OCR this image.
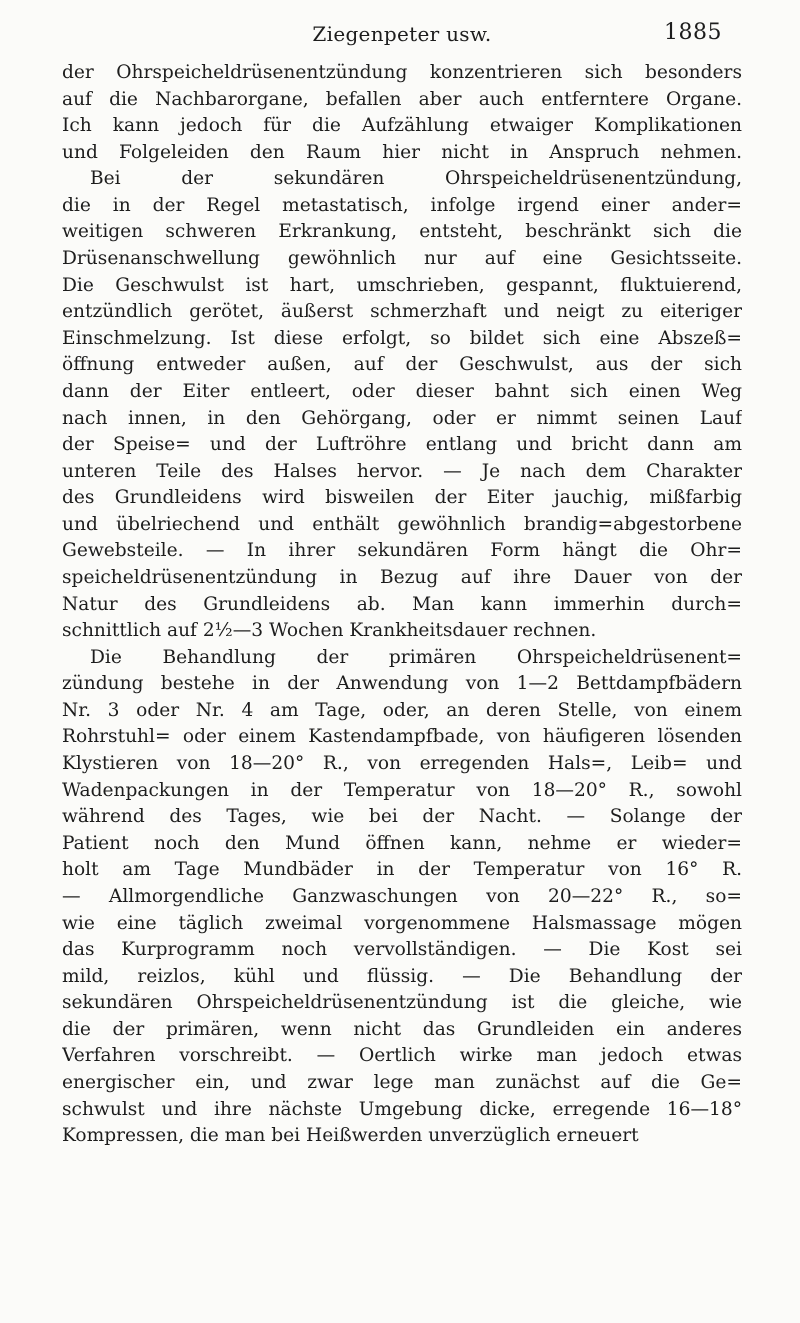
Ziegenpeter usw.	1885
der Ohrspeicheldrüsenentzündung konzentrieren sich besonders
auf die Nachbarorgane, befallen aber auch entferntere Organe.
Ich kann jedoch für die Aufzählung etwaiger Komplikationen
und Folgeleiden den Raum hier nicht in Anspruch nehmen.
Bei der sekundären Ohrspeicheldrüsenentzündung,
die in der Regel metastatisch, infolge irgend einer ander=
weitigen schweren Erkrankung, entsteht, beschränkt sich die
Drüsenanschwellung gewöhnlich nur auf eine Gesichtsseite.
Die Geschwulst ist hart, umschrieben, gespannt, fluktuierend,
entzündlich gerötet, äußerst schmerzhaft und neigt zu eiteriger
Einschmelzung. Ist diese erfolgt, so bildet sich eine Abszeß=
öffnung entweder außen, auf der Geschwulst, aus der sich
dann der Eiter entleert, oder dieser bahnt sich einen Weg
nach innen, in den Gehörgang, oder er nimmt seinen Lauf
der Speise= und der Luftröhre entlang und bricht dann am
unteren Teile des Halses hervor. — Je nach dem Charakter
des Grundleidens wird bisweilen der Eiter jauchig, mißfarbig
und übelriechend und enthält gewöhnlich brandig=abgestorbene
Gewebsteile. — In ihrer sekundären Form hängt die Ohr=
speicheldrüsenentzündung in Bezug auf ihre Dauer von der
Natur des Grundleidens ab. Man kann immerhin durch=
schnittlich auf 2½—3 Wochen Krankheitsdauer rechnen.
Die Behandlung der primären Ohrspeicheldrüsenent=
zündung bestehe in der Anwendung von 1—2 Bettdampfbädern
Nr. 3 oder Nr. 4 am Tage, oder, an deren Stelle, von einem
Rohrstuhl= oder einem Kastendampfbade, von häufigeren lösenden
Klystieren von 18—20° R., von erregenden Hals=, Leib= und
Wadenpackungen in der Temperatur von 18—20° R., sowohl
während des Tages, wie bei der Nacht. — Solange der
Patient noch den Mund öffnen kann, nehme er wieder=
holt am Tage Mundbäder in der Temperatur von 16° R.
— Allmorgendliche Ganzwaschungen von 20—22° R., so=
wie eine täglich zweimal vorgenommene Halsmassage mögen
das Kurprogramm noch vervollständigen. — Die Kost sei
mild, reizlos, kühl und flüssig. — Die Behandlung der
sekundären Ohrspeicheldrüsenentzündung ist die gleiche, wie
die der primären, wenn nicht das Grundleiden ein anderes
Verfahren vorschreibt. — Oertlich wirke man jedoch etwas
energischer ein, und zwar lege man zunächst auf die Ge=
schwulst und ihre nächste Umgebung dicke, erregende 16—18°
Kompressen, die man bei Heißwerden unverzüglich erneuert
